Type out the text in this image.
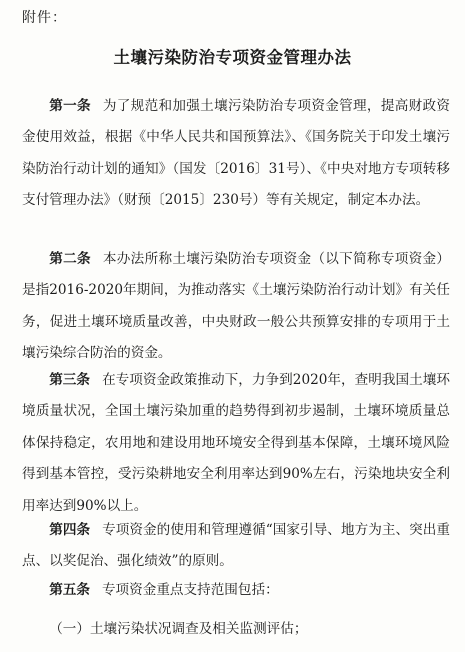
附件：
土壤污染防治专项资金管理办法

第一条 为了规范和加强土壤污染防治专项资金管理，提高财政资金使用效益，根据《中华人民共和国预算法》、《国务院关于印发土壤污染防治行动计划的通知》（国发〔2016〕31号）、《中央对地方专项转移支付管理办法》（财预〔2015〕230号）等有关规定，制定本办法。

第二条 本办法所称土壤污染防治专项资金（以下简称专项资金）是指2016-2020年期间，为推动落实《土壤污染防治行动计划》有关任务，促进土壤环境质量改善，中央财政一般公共预算安排的专项用于土壤污染综合防治的资金。

第三条 在专项资金政策推动下，力争到2020年，查明我国土壤环境质量状况，全国土壤污染加重的趋势得到初步遏制，土壤环境质量总体保持稳定，农用地和建设用地环境安全得到基本保障，土壤环境风险得到基本管控，受污染耕地安全利用率达到90%左右，污染地块安全利用率达到90%以上。

第四条 专项资金的使用和管理遵循“国家引导、地方为主、突出重点、以奖促治、强化绩效”的原则。

第五条 专项资金重点支持范围包括：

（一）土壤污染状况调查及相关监测评估；
